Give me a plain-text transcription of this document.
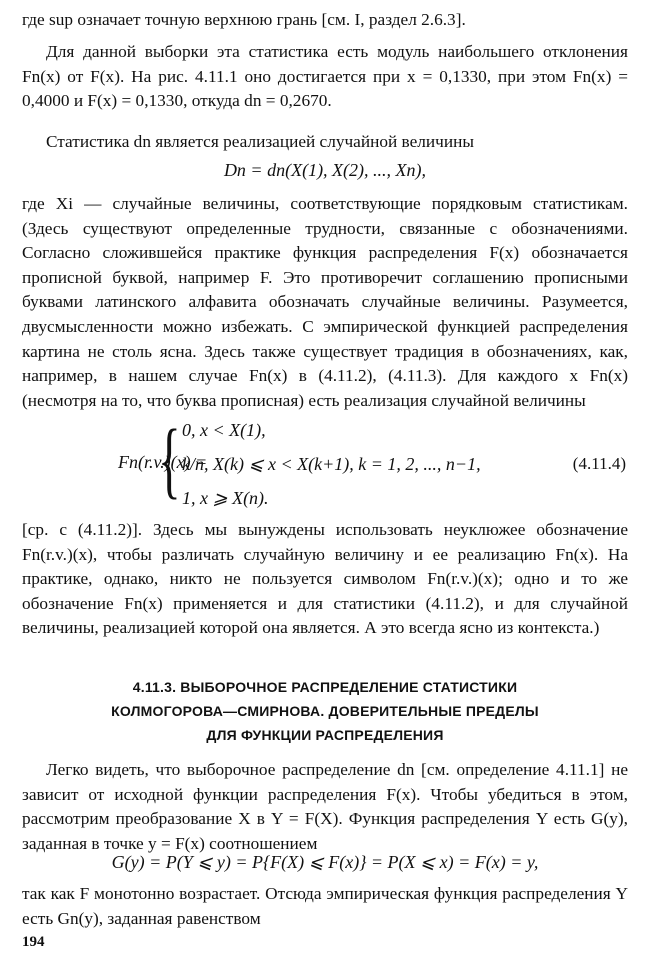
где sup означает точную верхнюю грань [см. I, раздел 2.6.3].

Для данной выборки эта статистика есть модуль наибольшего отклонения Fn(x) от F(x). На рис. 4.11.1 оно достигается при x = 0,1330, при этом Fn(x) = 0,4000 и F(x) = 0,1330, откуда dn = 0,2670.

Статистика dn является реализацией случайной величины

Dn = dn(X(1), X(2), ..., Xn),

где Xi — случайные величины, соответствующие порядковым статистикам. (Здесь существуют определенные трудности, связанные с обозначениями. Согласно сложившейся практике функция распределения F(x) обозначается прописной буквой, например F. Это противоречит соглашению прописными буквами латинского алфавита обозначать случайные величины. Разумеется, двусмысленности можно избежать. С эмпирической функцией распределения картина не столь ясна. Здесь также существует традиция в обозначениях, как, например, в нашем случае Fn(x) в (4.11.2), (4.11.3). Для каждого x Fn(x) (несмотря на то, что буква прописная) есть реализация случайной величины

Fn(r.v.)(x) =
{ 0, x < X(1),
k/n, X(k) ⩽ x < X(k+1), k = 1, 2, ..., n−1,
1, x ⩾ X(n).
(4.11.4)

[ср. с (4.11.2)]. Здесь мы вынуждены использовать неуклюжее обозначение Fn(r.v.)(x), чтобы различать случайную величину и ее реализацию Fn(x). На практике, однако, никто не пользуется символом Fn(r.v.)(x); одно и то же обозначение Fn(x) применяется и для статистики (4.11.2), и для случайной величины, реализацией которой она является. А это всегда ясно из контекста.)

4.11.3. ВЫБОРОЧНОЕ РАСПРЕДЕЛЕНИЕ СТАТИСТИКИ

КОЛМОГОРОВА—СМИРНОВА. ДОВЕРИТЕЛЬНЫЕ ПРЕДЕЛЫ

ДЛЯ ФУНКЦИИ РАСПРЕДЕЛЕНИЯ

Легко видеть, что выборочное распределение dn [см. определение 4.11.1] не зависит от исходной функции распределения F(x). Чтобы убедиться в этом, рассмотрим преобразование X в Y = F(X). Функция распределения Y есть G(y), заданная в точке y = F(x) соотношением

G(y) = P(Y ⩽ y) = P{F(X) ⩽ F(x)} = P(X ⩽ x) = F(x) = y,

так как F монотонно возрастает. Отсюда эмпирическая функция распределения Y есть Gn(y), заданная равенством

194
